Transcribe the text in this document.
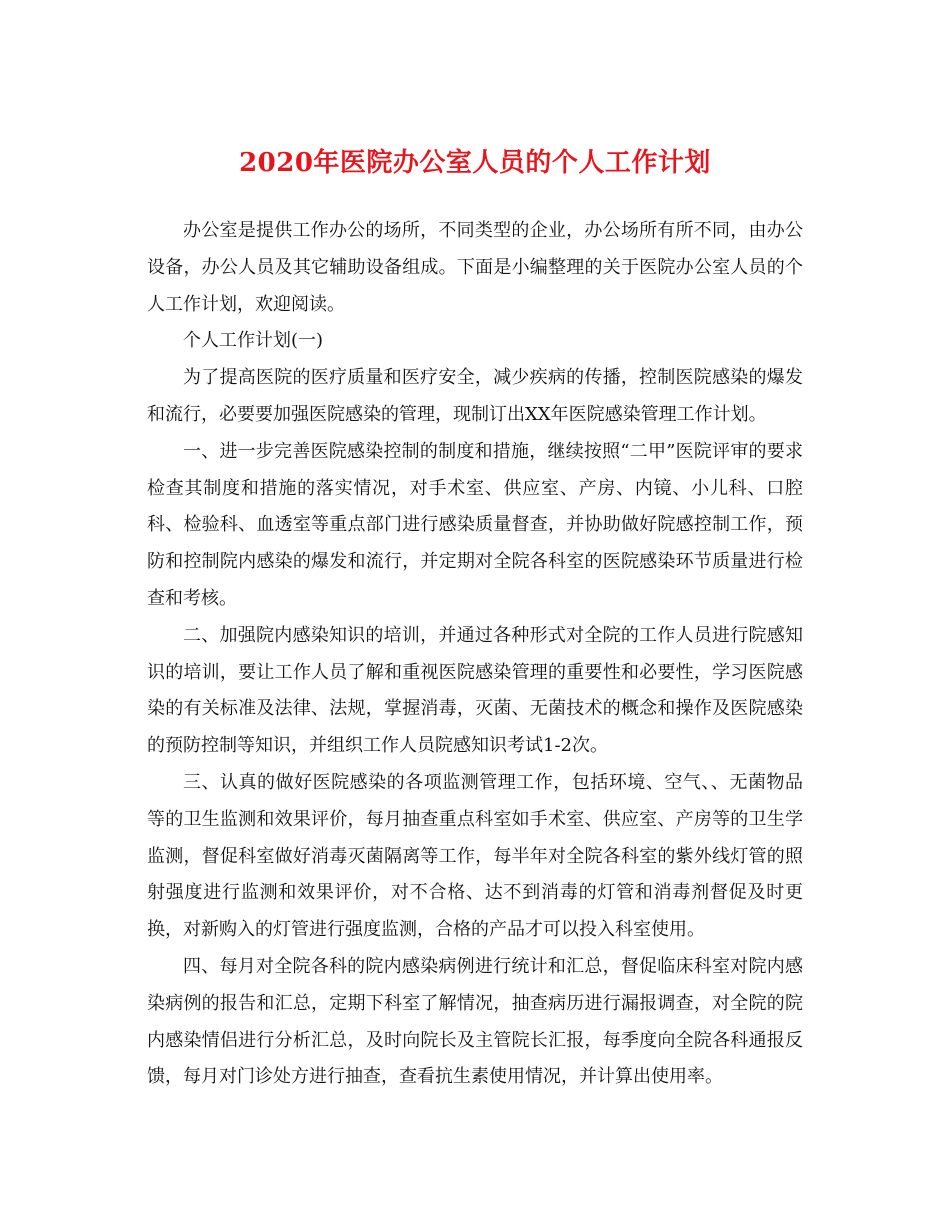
2020年医院办公室人员的个人工作计划

办公室是提供工作办公的场所，不同类型的企业，办公场所有所不同，由办公设备，办公人员及其它辅助设备组成。下面是小编整理的关于医院办公室人员的个人工作计划，欢迎阅读。

个人工作计划(一)

为了提高医院的医疗质量和医疗安全，减少疾病的传播，控制医院感染的爆发和流行，必要要加强医院感染的管理，现制订出XX年医院感染管理工作计划。

一、进一步完善医院感染控制的制度和措施，继续按照“二甲”医院评审的要求检查其制度和措施的落实情况，对手术室、供应室、产房、内镜、小儿科、口腔科、检验科、血透室等重点部门进行感染质量督查，并协助做好院感控制工作，预防和控制院内感染的爆发和流行，并定期对全院各科室的医院感染环节质量进行检查和考核。

二、加强院内感染知识的培训，并通过各种形式对全院的工作人员进行院感知识的培训，要让工作人员了解和重视医院感染管理的重要性和必要性，学习医院感染的有关标准及法律、法规，掌握消毒，灭菌、无菌技术的概念和操作及医院感染的预防控制等知识，并组织工作人员院感知识考试1-2次。

三、认真的做好医院感染的各项监测管理工作，包括环境、空气、、无菌物品等的卫生监测和效果评价，每月抽查重点科室如手术室、供应室、产房等的卫生学监测，督促科室做好消毒灭菌隔离等工作，每半年对全院各科室的紫外线灯管的照射强度进行监测和效果评价，对不合格、达不到消毒的灯管和消毒剂督促及时更换，对新购入的灯管进行强度监测，合格的产品才可以投入科室使用。

四、每月对全院各科的院内感染病例进行统计和汇总，督促临床科室对院内感染病例的报告和汇总，定期下科室了解情况，抽查病历进行漏报调查，对全院的院内感染情侣进行分析汇总，及时向院长及主管院长汇报，每季度向全院各科通报反馈，每月对门诊处方进行抽查，查看抗生素使用情况，并计算出使用率。
